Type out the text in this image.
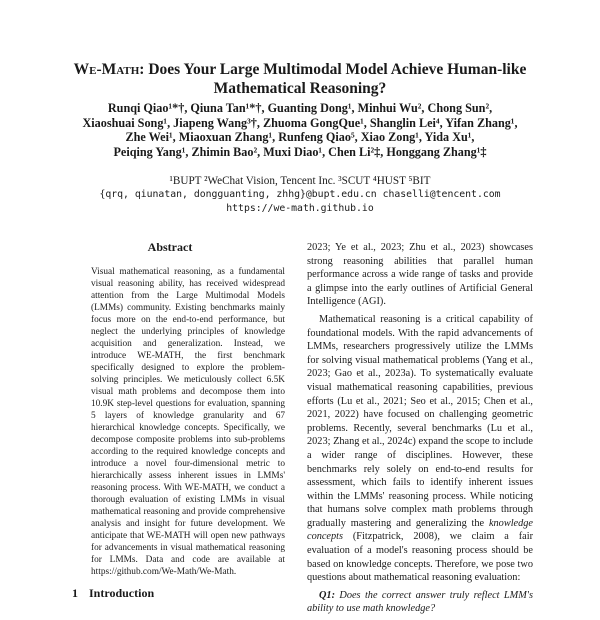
We-Math: Does Your Large Multimodal Model Achieve Human-like
Mathematical Reasoning?
Runqi Qiao¹*†, Qiuna Tan¹*†, Guanting Dong¹, Minhui Wu², Chong Sun²,
Xiaoshuai Song¹, Jiapeng Wang³†, Zhuoma GongQue¹, Shanglin Lei⁴, Yifan Zhang¹,
Zhe Wei¹, Miaoxuan Zhang¹, Runfeng Qiao⁵, Xiao Zong¹, Yida Xu¹,
Peiqing Yang¹, Zhimin Bao², Muxi Diao¹, Chen Li²‡, Honggang Zhang¹‡
¹BUPT ²WeChat Vision, Tencent Inc. ³SCUT ⁴HUST ⁵BIT
{qrq, qiunatan, dongguanting, zhhg}@bupt.edu.cn chaselli@tencent.com
https://we-math.github.io
Abstract
Visual mathematical reasoning, as a fundamental visual reasoning ability, has received widespread attention from the Large Multimodal Models (LMMs) community. Existing benchmarks mainly focus more on the end-to-end performance, but neglect the underlying principles of knowledge acquisition and generalization. Instead, we introduce WE-MATH, the first benchmark specifically designed to explore the problem-solving principles. We meticulously collect 6.5K visual math problems and decompose them into 10.9K step-level questions for evaluation, spanning 5 layers of knowledge granularity and 67 hierarchical knowledge concepts. Specifically, we decompose composite problems into sub-problems according to the required knowledge concepts and introduce a novel four-dimensional metric to hierarchically assess inherent issues in LMMs' reasoning process. With WE-MATH, we conduct a thorough evaluation of existing LMMs in visual mathematical reasoning and provide comprehensive analysis and insight for future development. We anticipate that WE-MATH will open new pathways for advancements in visual mathematical reasoning for LMMs. Data and code are available at https://github.com/We-Math/We-Math.
1 Introduction

2023; Ye et al., 2023; Zhu et al., 2023) showcases strong reasoning abilities that parallel human performance across a wide range of tasks and provide a glimpse into the early outlines of Artificial General Intelligence (AGI).

Mathematical reasoning is a critical capability of foundational models. With the rapid advancements of LMMs, researchers progressively utilize the LMMs for solving visual mathematical problems (Yang et al., 2023; Gao et al., 2023a). To systematically evaluate visual mathematical reasoning capabilities, previous efforts (Lu et al., 2021; Seo et al., 2015; Chen et al., 2021, 2022) have focused on challenging geometric problems. Recently, several benchmarks (Lu et al., 2023; Zhang et al., 2024c) expand the scope to include a wider range of disciplines. However, these benchmarks rely solely on end-to-end results for assessment, which fails to identify inherent issues within the LMMs' reasoning process. While noticing that humans solve complex math problems through gradually mastering and generalizing the knowledge concepts (Fitzpatrick, 2008), we claim a fair evaluation of a model's reasoning process should be based on knowledge concepts. Therefore, we pose two questions about mathematical reasoning evaluation:

Q1: Does the correct answer truly reflect LMM's ability to use math knowledge?
